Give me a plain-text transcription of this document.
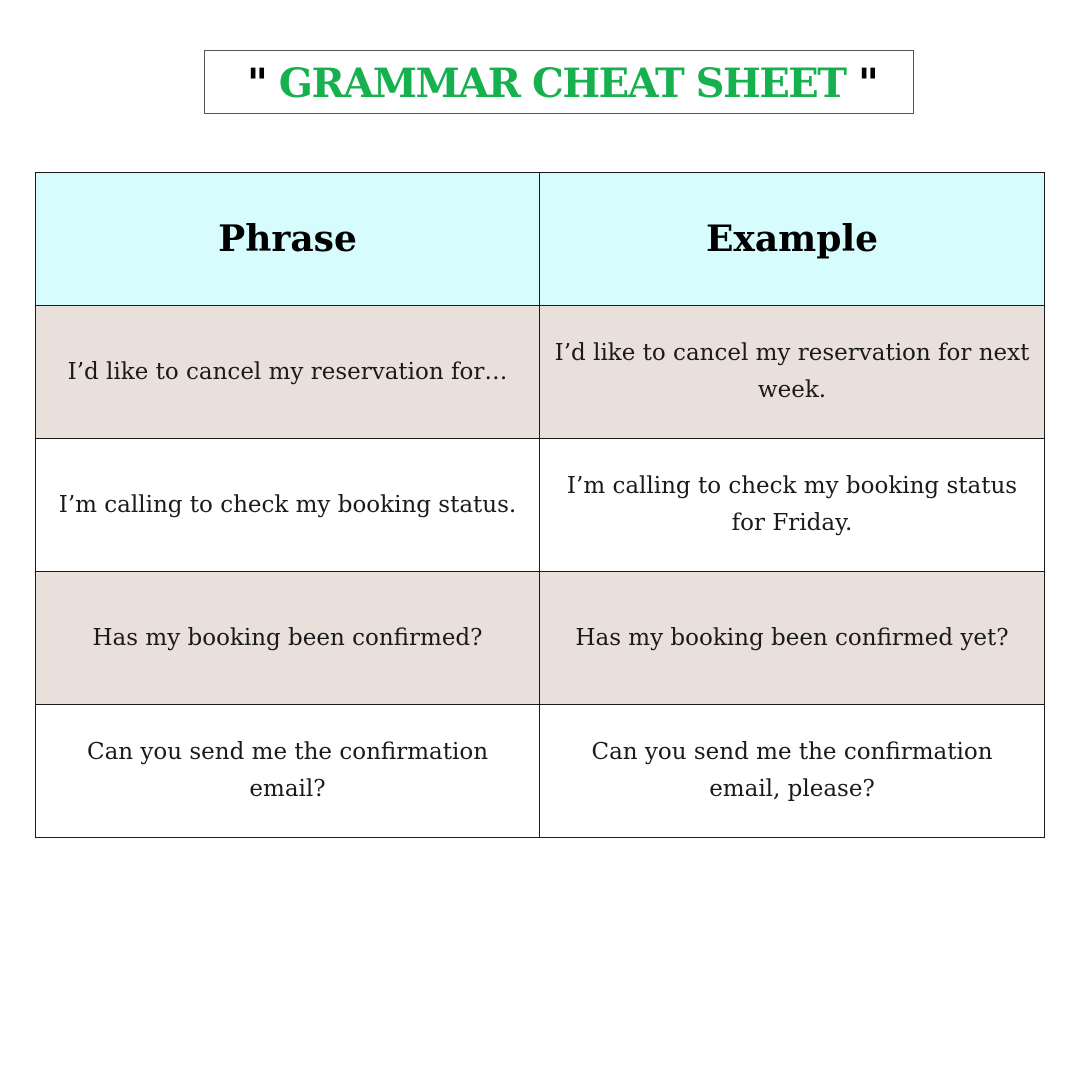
" GRAMMAR CHEAT SHEET "
Phrase	Example
I’d like to cancel my reservation for…	I’d like to cancel my reservation for next week.
I’m calling to check my booking status.	I’m calling to check my booking status for Friday.
Has my booking been confirmed?	Has my booking been confirmed yet?
Can you send me the confirmation email?	Can you send me the confirmation email, please?
